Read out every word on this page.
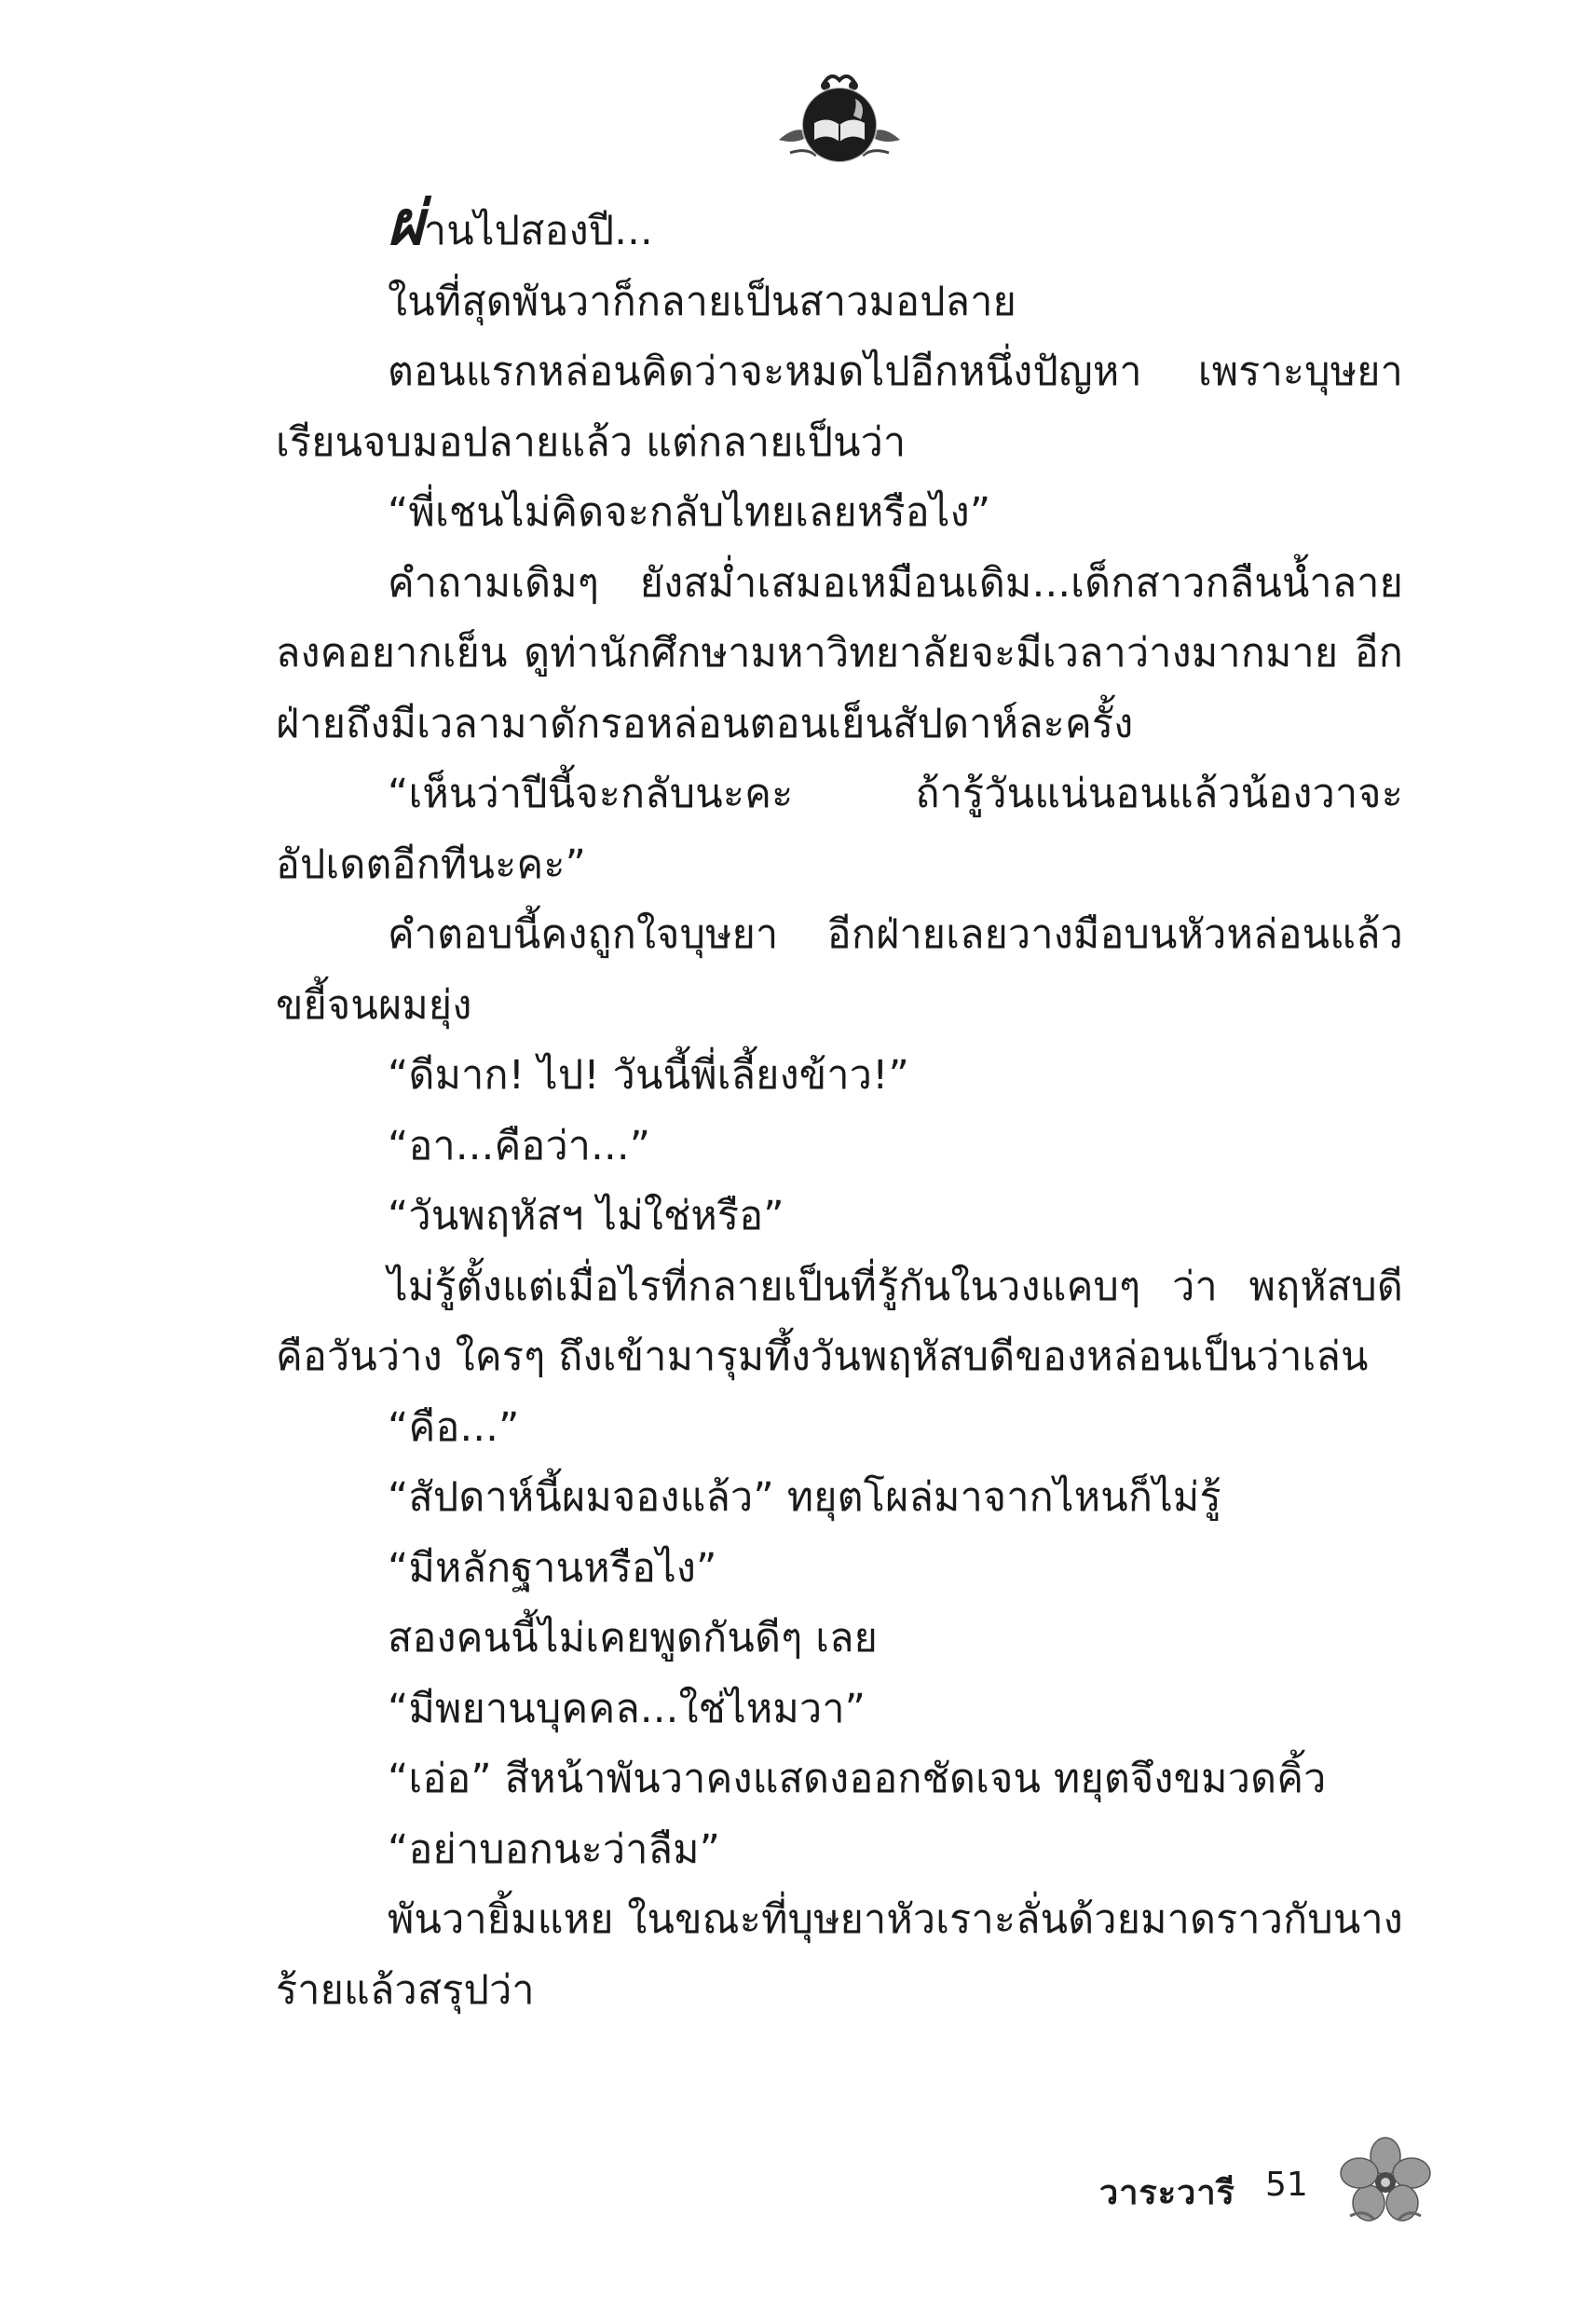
ผ่านไปสองปี...

ในที่สุดพันวาก็กลายเป็นสาวมอปลาย

ตอนแรกหล่อนคิดว่าจะหมดไปอีกหนึ่งปัญหา เพราะบุษยาเรียนจบมอปลายแล้ว แต่กลายเป็นว่า

“พี่เชนไม่คิดจะกลับไทยเลยหรือไง”

คำถามเดิมๆ ยังสม่ำเสมอเหมือนเดิม...เด็กสาวกลืนน้ำลายลงคอยากเย็น ดูท่านักศึกษามหาวิทยาลัยจะมีเวลาว่างมากมาย อีกฝ่ายถึงมีเวลามาดักรอหล่อนตอนเย็นสัปดาห์ละครั้ง

“เห็นว่าปีนี้จะกลับนะคะ ถ้ารู้วันแน่นอนแล้วน้องวาจะอัปเดตอีกทีนะคะ”

คำตอบนี้คงถูกใจบุษยา อีกฝ่ายเลยวางมือบนหัวหล่อนแล้วขยี้จนผมยุ่ง

“ดีมาก! ไป! วันนี้พี่เลี้ยงข้าว!”

“อา...คือว่า...”

“วันพฤหัสฯ ไม่ใช่หรือ”

ไม่รู้ตั้งแต่เมื่อไรที่กลายเป็นที่รู้กันในวงแคบๆ ว่า พฤหัสบดีคือวันว่าง ใครๆ ถึงเข้ามารุมทึ้งวันพฤหัสบดีของหล่อนเป็นว่าเล่น

“คือ...”

“สัปดาห์นี้ผมจองแล้ว” ทยุตโผล่มาจากไหนก็ไม่รู้

“มีหลักฐานหรือไง”

สองคนนี้ไม่เคยพูดกันดีๆ เลย

“มีพยานบุคคล...ใช่ไหมวา”

“เอ่อ” สีหน้าพันวาคงแสดงออกชัดเจน ทยุตจึงขมวดคิ้ว

“อย่าบอกนะว่าลืม”

พันวายิ้มแหย ในขณะที่บุษยาหัวเราะลั่นด้วยมาดราวกับนางร้ายแล้วสรุปว่า

วาระวารี 51
